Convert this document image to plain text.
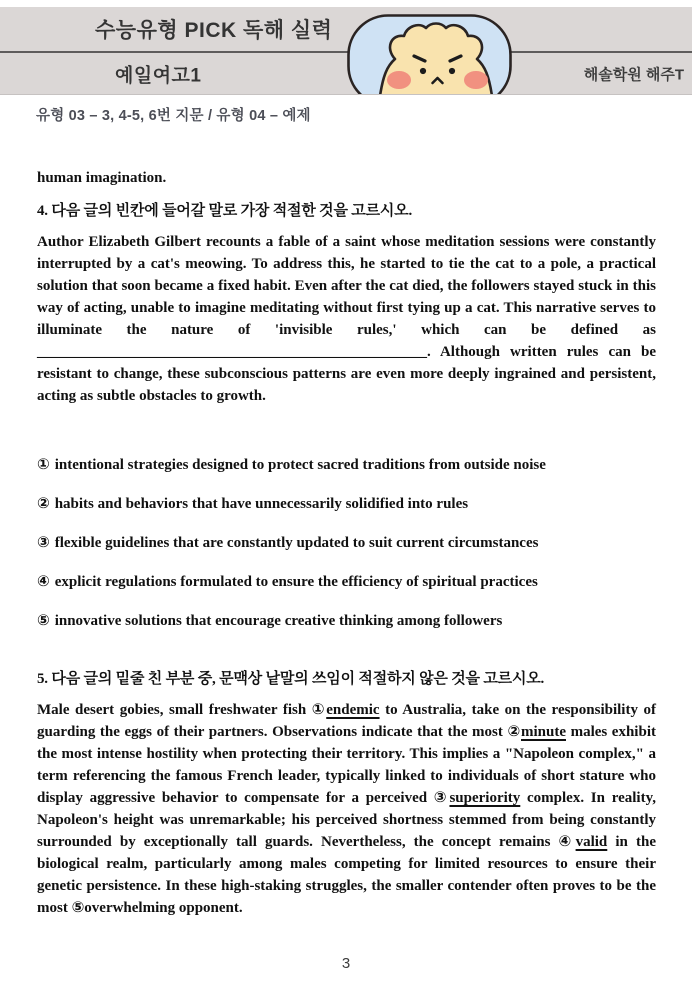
수능유형 PICK 독해 실력
예일여고1	해솔학원 해주T
유형 03 – 3, 4-5, 6번 지문 / 유형 04 – 예제

human imagination.

4. 다음 글의 빈칸에 들어갈 말로 가장 적절한 것을 고르시오.

Author Elizabeth Gilbert recounts a fable of a saint whose meditation sessions were constantly interrupted by a cat's meowing. To address this, he started to tie the cat to a pole, a practical solution that soon became a fixed habit. Even after the cat died, the followers stayed stuck in this way of acting, unable to imagine meditating without first tying up a cat. This narrative serves to illuminate the nature of 'invisible rules,' which can be defined as ____________________________________________________. Although written rules can be resistant to change, these subconscious patterns are even more deeply ingrained and persistent, acting as subtle obstacles to growth.

① intentional strategies designed to protect sacred traditions from outside noise
② habits and behaviors that have unnecessarily solidified into rules
③ flexible guidelines that are constantly updated to suit current circumstances
④ explicit regulations formulated to ensure the efficiency of spiritual practices
⑤ innovative solutions that encourage creative thinking among followers

5. 다음 글의 밑줄 친 부분 중, 문맥상 낱말의 쓰임이 적절하지 않은 것을 고르시오.

Male desert gobies, small freshwater fish ①endemic to Australia, take on the responsibility of guarding the eggs of their partners. Observations indicate that the most ②minute males exhibit the most intense hostility when protecting their territory. This implies a "Napoleon complex," a term referencing the famous French leader, typically linked to individuals of short stature who display aggressive behavior to compensate for a perceived ③superiority complex. In reality, Napoleon's height was unremarkable; his perceived shortness stemmed from being constantly surrounded by exceptionally tall guards. Nevertheless, the concept remains ④valid in the biological realm, particularly among males competing for limited resources to ensure their genetic persistence. In these high-staking struggles, the smaller contender often proves to be the most ⑤overwhelming opponent.

3
